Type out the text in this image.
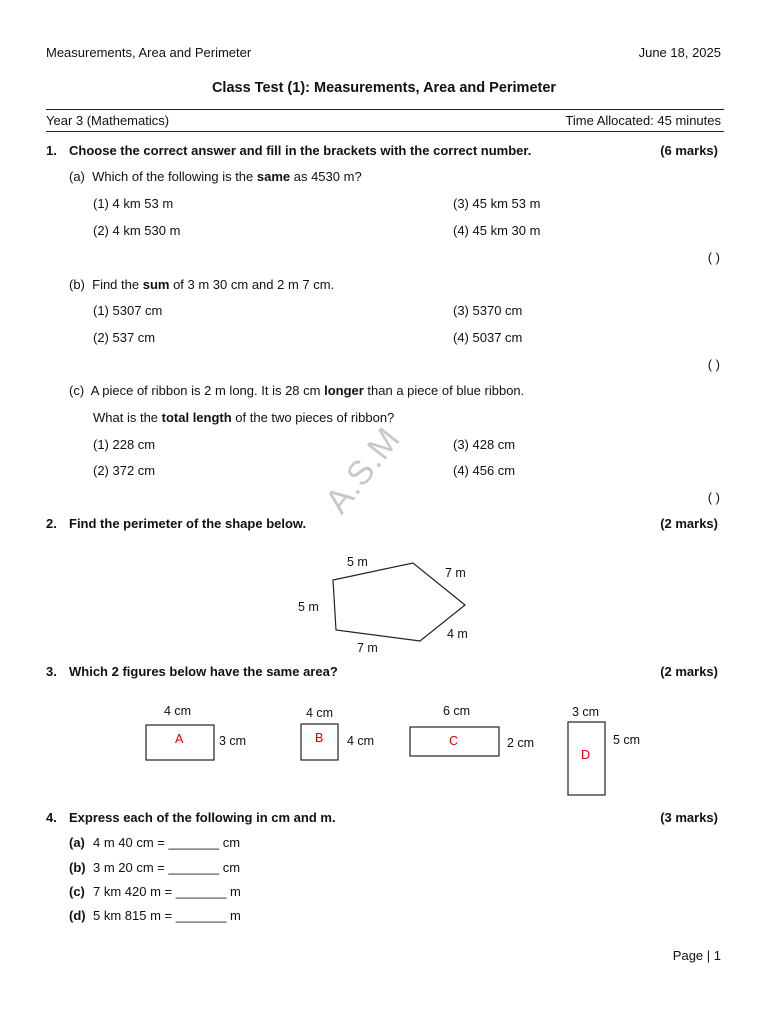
Measurements, Area and Perimeter	June 18, 2025
Class Test (1): Measurements, Area and Perimeter
Year 3 (Mathematics)	Time Allocated: 45 minutes
1. Choose the correct answer and fill in the brackets with the correct number.	(6 marks)
(a) Which of the following is the same as 4530 m?
(1) 4 km 53 m
(2) 4 km 530 m
(3) 45 km 53 m
(4) 45 km 30 m
( )
(b) Find the sum of 3 m 30 cm and 2 m 7 cm.
(1) 5307 cm
(2) 537 cm
(3) 5370 cm
(4) 5037 cm
( )
(c) A piece of ribbon is 2 m long. It is 28 cm longer than a piece of blue ribbon.
What is the total length of the two pieces of ribbon?
(1) 228 cm
(2) 372 cm
(3) 428 cm
(4) 456 cm
( )
2. Find the perimeter of the shape below.	(2 marks)
5 m
7 m
5 m
4 m
7 m
A.S.M
3. Which 2 figures below have the same area?	(2 marks)
A
4 cm
3 cm	B
4 cm
4 cm	C
6 cm
2 cm
D
3 cm
5 cm
4. Express each of the following in cm and m.	(3 marks)
(a) 4 m 40 cm = _______ cm
(b) 3 m 20 cm = _______ cm
(c) 7 km 420 m = _______ m
(d) 5 km 815 m = _______ m
Page | 1
